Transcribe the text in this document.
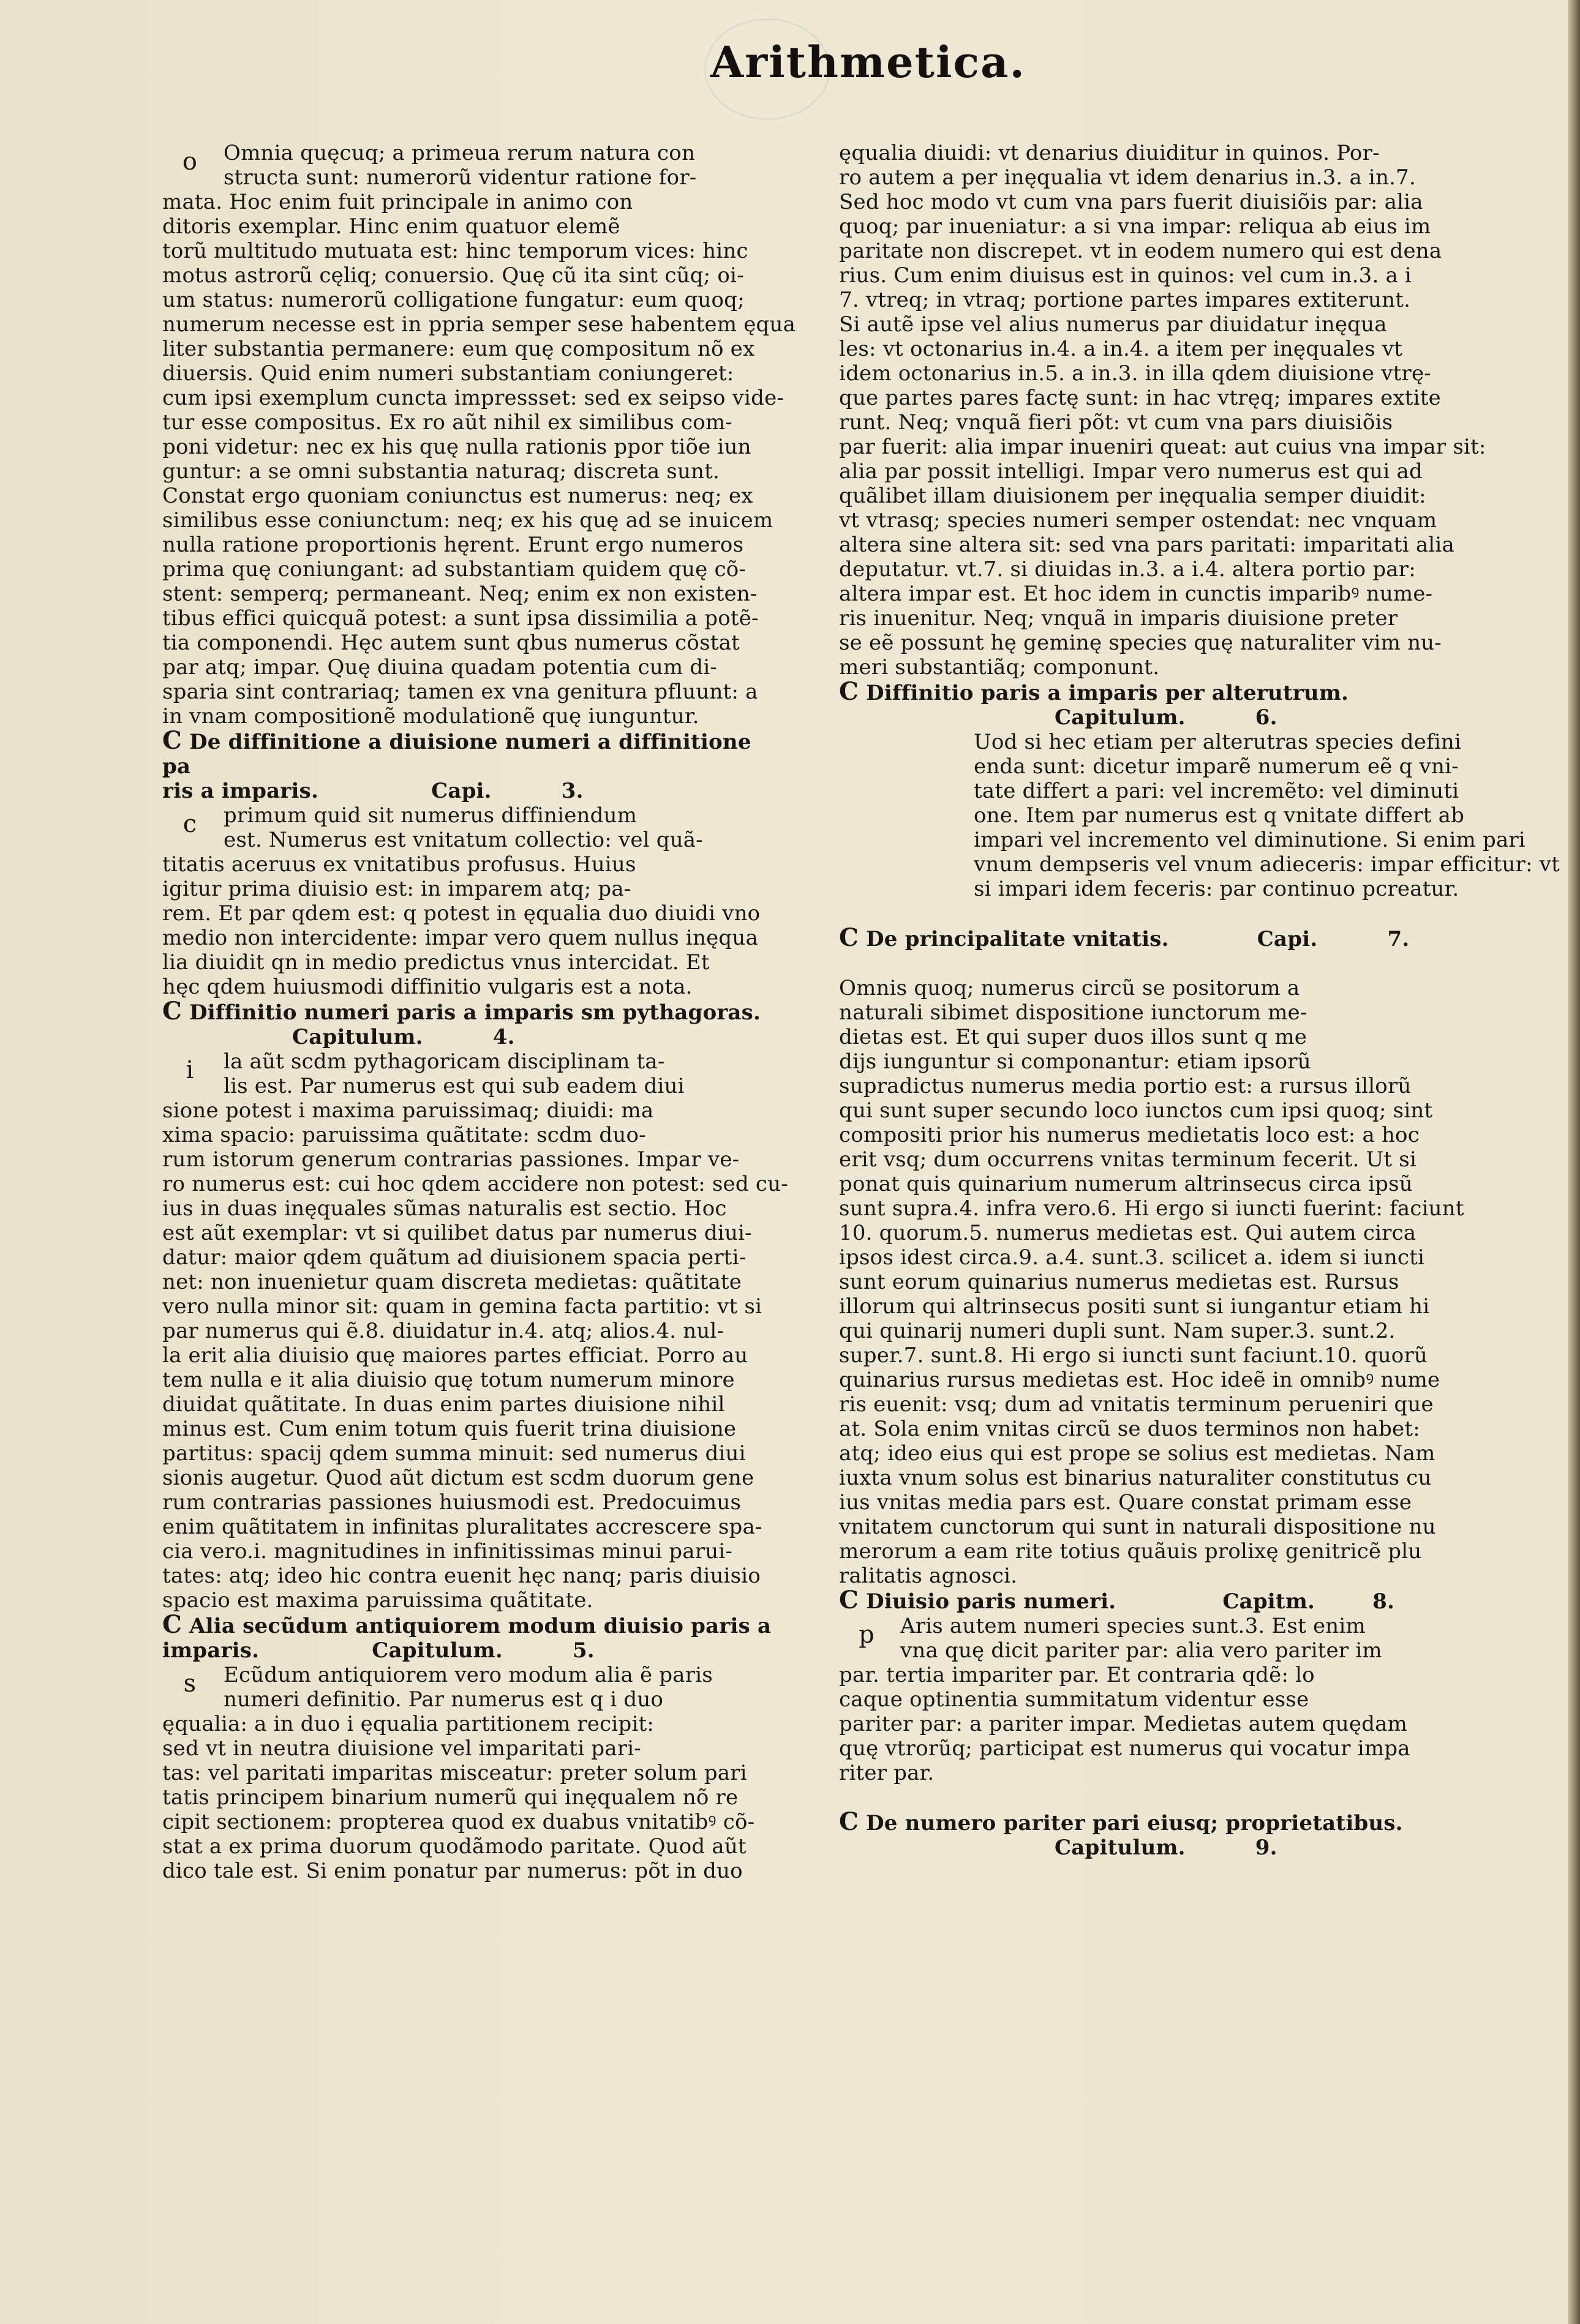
Arithmetica.
o	Omnia quęcuq; a primeua rerum natura con
structa sunt: numerorũ videntur ratione for-
mata. Hoc enim fuit principale in animo con
ditoris exemplar. Hinc enim quatuor elemẽ
torũ multitudo mutuata est: hinc temporum vices: hinc
motus astrorũ cęliq; conuersio. Quę cũ ita sint cũq; oi-
um status: numerorũ colligatione fungatur: eum quoq;
numerum necesse est in ppria semper sese habentem ęqua
liter substantia permanere: eum quę compositum nõ ex
diuersis. Quid enim numeri substantiam coniungeret:
cum ipsi exemplum cuncta impressset: sed ex seipso vide-
tur esse compositus. Ex ro aũt nihil ex similibus com-
poni videtur: nec ex his quę nulla rationis ppor tiõe iun
guntur: a se omni substantia naturaq; discreta sunt.
Constat ergo quoniam coniunctus est numerus: neq; ex
similibus esse coniunctum: neq; ex his quę ad se inuicem
nulla ratione proportionis hęrent. Erunt ergo numeros
prima quę coniungant: ad substantiam quidem quę cõ-
stent: semperq; permaneant. Neq; enim ex non existen-
tibus effici quicquã potest: a sunt ipsa dissimilia a potẽ-
tia componendi. Hęc autem sunt qbus numerus cõstat
par atq; impar. Quę diuina quadam potentia cum di-
sparia sint contrariaq; tamen ex vna genitura pfluunt: a
in vnam compositionẽ modulationẽ quę iunguntur.
C De diffinitione a diuisione numeri a diffinitione pa
ris a imparis.	Capi.	3.
c	primum quid sit numerus diffiniendum
est. Numerus est vnitatum collectio: vel quã-
titatis aceruus ex vnitatibus profusus. Huius
igitur prima diuisio est: in imparem atq; pa-
rem. Et par qdem est: q potest in ęqualia duo diuidi vno
medio non intercidente: impar vero quem nullus inęqua
lia diuidit qn in medio predictus vnus intercidat. Et
hęc qdem huiusmodi diffinitio vulgaris est a nota.
C Diffinitio numeri paris a imparis sm pythagoras.
Capitulum.	4.
i	la aũt scdm pythagoricam disciplinam ta-
lis est. Par numerus est qui sub eadem diui
sione potest i maxima paruissimaq; diuidi: ma
xima spacio: paruissima quãtitate: scdm duo-
rum istorum generum contrarias passiones. Impar ve-
ro numerus est: cui hoc qdem accidere non potest: sed cu-
ius in duas inęquales sũmas naturalis est sectio. Hoc
est aũt exemplar: vt si quilibet datus par numerus diui-
datur: maior qdem quãtum ad diuisionem spacia perti-
net: non inuenietur quam discreta medietas: quãtitate
vero nulla minor sit: quam in gemina facta partitio: vt si
par numerus qui ẽ.8. diuidatur in.4. atq; alios.4. nul-
la erit alia diuisio quę maiores partes efficiat. Porro au
tem nulla e it alia diuisio quę totum numerum minore
diuidat quãtitate. In duas enim partes diuisione nihil
minus est. Cum enim totum quis fuerit trina diuisione
partitus: spacij qdem summa minuit: sed numerus diui
sionis augetur. Quod aũt dictum est scdm duorum gene
rum contrarias passiones huiusmodi est. Predocuimus
enim quãtitatem in infinitas pluralitates accrescere spa-
cia vero.i. magnitudines in infinitissimas minui parui-
tates: atq; ideo hic contra euenit hęc nanq; paris diuisio
spacio est maxima paruissima quãtitate.
C Alia secũdum antiquiorem modum diuisio paris a
imparis.	Capitulum.	5.
s	Ecũdum antiquiorem vero modum alia ẽ paris
numeri definitio. Par numerus est q i duo
ęqualia: a in duo i ęqualia partitionem recipit:
sed vt in neutra diuisione vel imparitati pari-
tas: vel paritati imparitas misceatur: preter solum pari
tatis principem binarium numerũ qui inęqualem nõ re
cipit sectionem: propterea quod ex duabus vnitatibꝰ cõ-
stat a ex prima duorum quodãmodo paritate. Quod aũt
dico tale est. Si enim ponatur par numerus: põt in duo
ęqualia diuidi: vt denarius diuiditur in quinos. Por-
ro autem a per inęqualia vt idem denarius in.3. a in.7.
Sed hoc modo vt cum vna pars fuerit diuisiõis par: alia
quoq; par inueniatur: a si vna impar: reliqua ab eius im
paritate non discrepet. vt in eodem numero qui est dena
rius. Cum enim diuisus est in quinos: vel cum in.3. a i
7. vtreq; in vtraq; portione partes impares extiterunt.
Si autẽ ipse vel alius numerus par diuidatur inęqua
les: vt octonarius in.4. a in.4. a item per inęquales vt
idem octonarius in.5. a in.3. in illa qdem diuisione vtrę-
que partes pares factę sunt: in hac vtręq; impares extite
runt. Neq; vnquã fieri põt: vt cum vna pars diuisiõis
par fuerit: alia impar inueniri queat: aut cuius vna impar sit:
alia par possit intelligi. Impar vero numerus est qui ad
quãlibet illam diuisionem per inęqualia semper diuidit:
vt vtrasq; species numeri semper ostendat: nec vnquam
altera sine altera sit: sed vna pars paritati: imparitati alia
deputatur. vt.7. si diuidas in.3. a i.4. altera portio par:
altera impar est. Et hoc idem in cunctis imparibꝰ nume-
ris inuenitur. Neq; vnquã in imparis diuisione preter
se eẽ possunt hę geminę species quę naturaliter vim nu-
meri substantiãq; componunt.
C Diffinitio paris a imparis per alterutrum.
Capitulum.	6.
Uod si hec etiam per alterutras species defini
enda sunt: dicetur imparẽ numerum eẽ q vni-
tate differt a pari: vel incremẽto: vel diminuti
one. Item par numerus est q vnitate differt ab
impari vel incremento vel diminutione. Si enim pari
vnum dempseris vel vnum adieceris: impar efficitur: vt
si impari idem feceris: par continuo pcreatur.
C De principalitate vnitatis.	Capi.	7.
Omnis quoq; numerus circũ se positorum a
naturali sibimet dispositione iunctorum me-
dietas est. Et qui super duos illos sunt q me
dijs iunguntur si componantur: etiam ipsorũ
supradictus numerus media portio est: a rursus illorũ
qui sunt super secundo loco iunctos cum ipsi quoq; sint
compositi prior his numerus medietatis loco est: a hoc
erit vsq; dum occurrens vnitas terminum fecerit. Ut si
ponat quis quinarium numerum altrinsecus circa ipsũ
sunt supra.4. infra vero.6. Hi ergo si iuncti fuerint: faciunt
10. quorum.5. numerus medietas est. Qui autem circa
ipsos idest circa.9. a.4. sunt.3. scilicet a. idem si iuncti
sunt eorum quinarius numerus medietas est. Rursus
illorum qui altrinsecus positi sunt si iungantur etiam hi
qui quinarij numeri dupli sunt. Nam super.3. sunt.2.
super.7. sunt.8. Hi ergo si iuncti sunt faciunt.10. quorũ
quinarius rursus medietas est. Hoc ideẽ in omnibꝰ nume
ris euenit: vsq; dum ad vnitatis terminum perueniri que
at. Sola enim vnitas circũ se duos terminos non habet:
atq; ideo eius qui est prope se solius est medietas. Nam
iuxta vnum solus est binarius naturaliter constitutus cu
ius vnitas media pars est. Quare constat primam esse
vnitatem cunctorum qui sunt in naturali dispositione nu
merorum a eam rite totius quãuis prolixę genitricẽ plu
ralitatis agnosci.
C Diuisio paris numeri.	Capitm.	8.
p	Aris autem numeri species sunt.3. Est enim
vna quę dicit pariter par: alia vero pariter im
par. tertia impariter par. Et contraria qdẽ: lo
caque optinentia summitatum videntur esse
pariter par: a pariter impar. Medietas autem quędam
quę vtrorũq; participat est numerus qui vocatur impa
riter par.
C De numero pariter pari eiusq; proprietatibus.
Capitulum.	9.
